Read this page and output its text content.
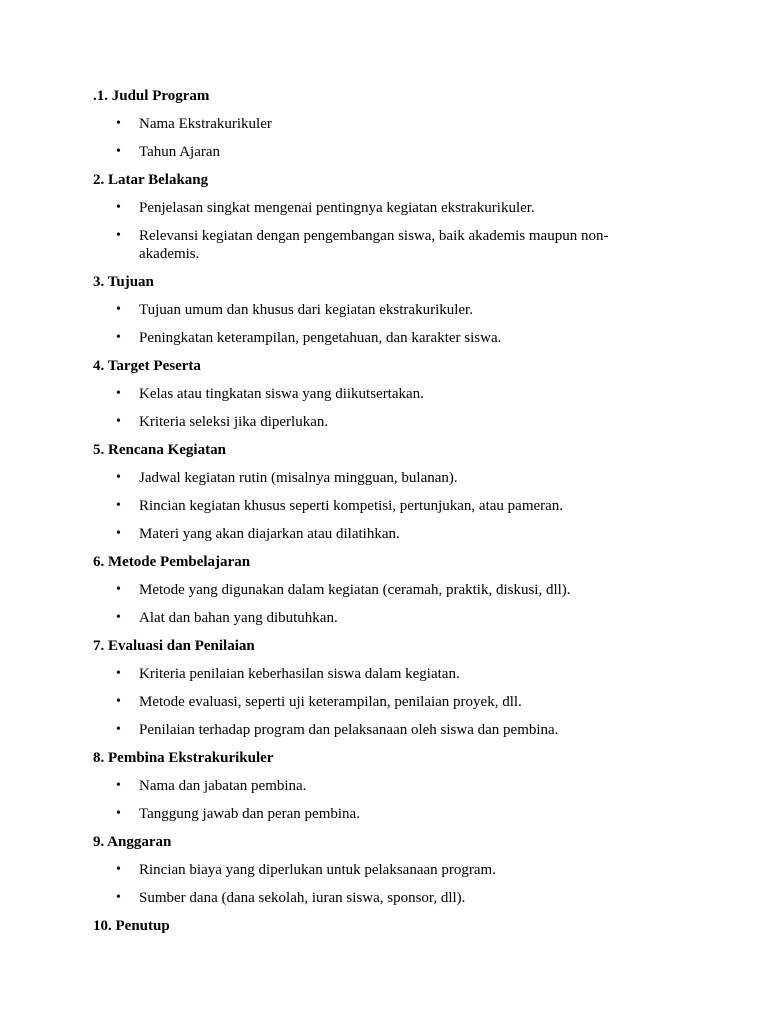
.1. Judul Program
• Nama Ekstrakurikuler
• Tahun Ajaran
2. Latar Belakang
• Penjelasan singkat mengenai pentingnya kegiatan ekstrakurikuler.
• Relevansi kegiatan dengan pengembangan siswa, baik akademis maupun non-akademis.
3. Tujuan
• Tujuan umum dan khusus dari kegiatan ekstrakurikuler.
• Peningkatan keterampilan, pengetahuan, dan karakter siswa.
4. Target Peserta
• Kelas atau tingkatan siswa yang diikutsertakan.
• Kriteria seleksi jika diperlukan.
5. Rencana Kegiatan
• Jadwal kegiatan rutin (misalnya mingguan, bulanan).
• Rincian kegiatan khusus seperti kompetisi, pertunjukan, atau pameran.
• Materi yang akan diajarkan atau dilatihkan.
6. Metode Pembelajaran
• Metode yang digunakan dalam kegiatan (ceramah, praktik, diskusi, dll).
• Alat dan bahan yang dibutuhkan.
7. Evaluasi dan Penilaian
• Kriteria penilaian keberhasilan siswa dalam kegiatan.
• Metode evaluasi, seperti uji keterampilan, penilaian proyek, dll.
• Penilaian terhadap program dan pelaksanaan oleh siswa dan pembina.
8. Pembina Ekstrakurikuler
• Nama dan jabatan pembina.
• Tanggung jawab dan peran pembina.
9. Anggaran
• Rincian biaya yang diperlukan untuk pelaksanaan program.
• Sumber dana (dana sekolah, iuran siswa, sponsor, dll).
10. Penutup
